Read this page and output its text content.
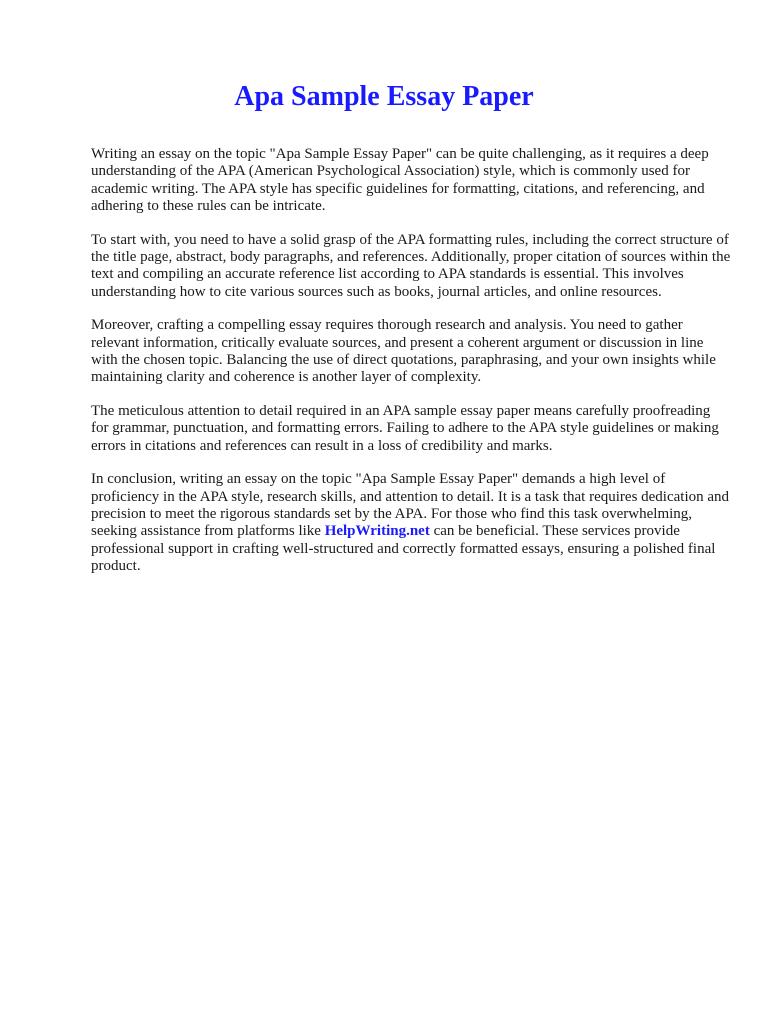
Apa Sample Essay Paper

Writing an essay on the topic "Apa Sample Essay Paper" can be quite challenging, as it requires a deep understanding of the APA (American Psychological Association) style, which is commonly used for academic writing. The APA style has specific guidelines for formatting, citations, and referencing, and adhering to these rules can be intricate.

To start with, you need to have a solid grasp of the APA formatting rules, including the correct structure of the title page, abstract, body paragraphs, and references. Additionally, proper citation of sources within the text and compiling an accurate reference list according to APA standards is essential. This involves understanding how to cite various sources such as books, journal articles, and online resources.

Moreover, crafting a compelling essay requires thorough research and analysis. You need to gather relevant information, critically evaluate sources, and present a coherent argument or discussion in line with the chosen topic. Balancing the use of direct quotations, paraphrasing, and your own insights while maintaining clarity and coherence is another layer of complexity.

The meticulous attention to detail required in an APA sample essay paper means carefully proofreading for grammar, punctuation, and formatting errors. Failing to adhere to the APA style guidelines or making errors in citations and references can result in a loss of credibility and marks.

In conclusion, writing an essay on the topic "Apa Sample Essay Paper" demands a high level of proficiency in the APA style, research skills, and attention to detail. It is a task that requires dedication and precision to meet the rigorous standards set by the APA. For those who find this task overwhelming, seeking assistance from platforms like HelpWriting.net can be beneficial. These services provide professional support in crafting well-structured and correctly formatted essays, ensuring a polished final product.
